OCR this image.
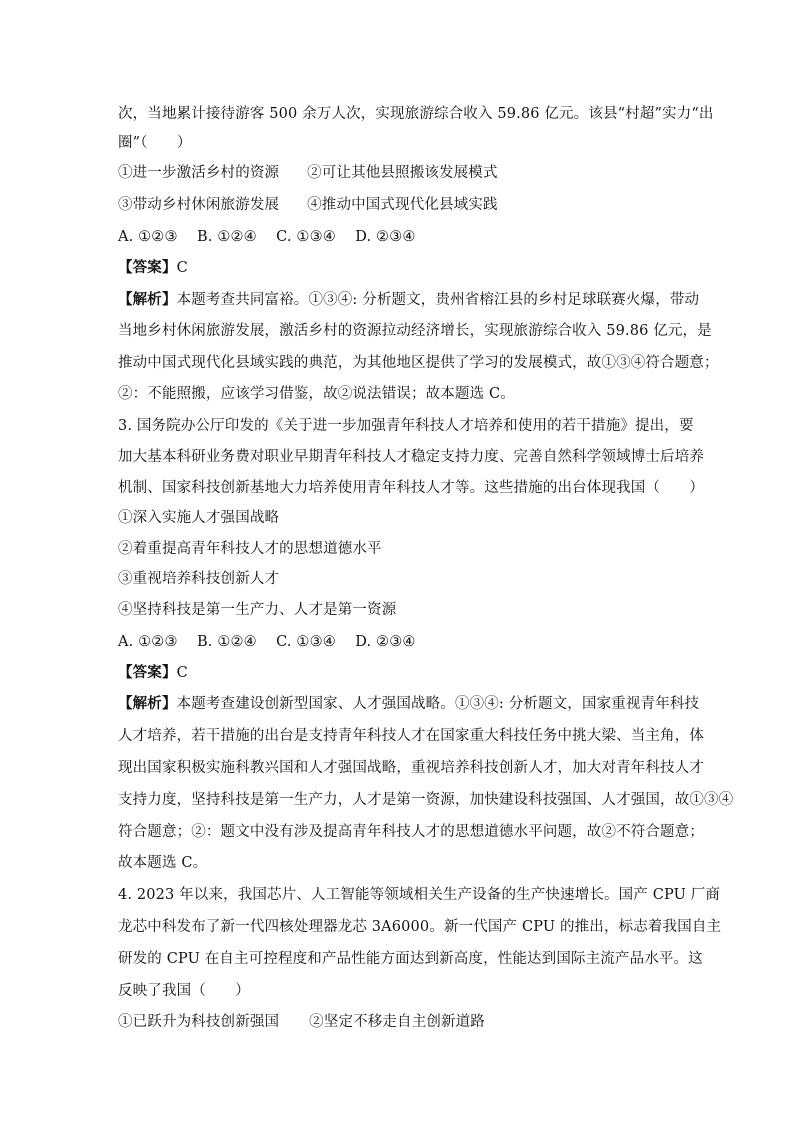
次，当地累计接待游客 500 余万人次，实现旅游综合收入 59.86 亿元。该县“村超”实力“出
圈”（　　）
①进一步激活乡村的资源 ②可让其他县照搬该发展模式
③带动乡村休闲旅游发展 ④推动中国式现代化县域实践
A. ①②③　 B. ①②④　 C. ①③④　 D. ②③④
【答案】C
【解析】本题考查共同富裕。①③④: 分析题文，贵州省榕江县的乡村足球联赛火爆，带动
当地乡村休闲旅游发展，激活乡村的资源拉动经济增长，实现旅游综合收入 59.86 亿元，是
推动中国式现代化县域实践的典范，为其他地区提供了学习的发展模式，故①③④符合题意；
②：不能照搬，应该学习借鉴，故②说法错误；故本题选 C。
3. 国务院办公厅印发的《关于进一步加强青年科技人才培养和使用的若干措施》提出，要
加大基本科研业务费对职业早期青年科技人才稳定支持力度、完善自然科学领域博士后培养
机制、国家科技创新基地大力培养使用青年科技人才等。这些措施的出台体现我国（　　）
①深入实施人才强国战略
②着重提高青年科技人才的思想道德水平
③重视培养科技创新人才
④坚持科技是第一生产力、人才是第一资源
A. ①②③　 B. ①②④　 C. ①③④　 D. ②③④
【答案】C
【解析】本题考查建设创新型国家、人才强国战略。①③④: 分析题文，国家重视青年科技
人才培养，若干措施的出台是支持青年科技人才在国家重大科技任务中挑大梁、当主角，体
现出国家积极实施科教兴国和人才强国战略，重视培养科技创新人才，加大对青年科技人才
支持力度，坚持科技是第一生产力，人才是第一资源，加快建设科技强国、人才强国，故①③④
符合题意；②：题文中没有涉及提高青年科技人才的思想道德水平问题，故②不符合题意；
故本题选 C。
4. 2023 年以来，我国芯片、人工智能等领域相关生产设备的生产快速增长。国产 CPU 厂商
龙芯中科发布了新一代四核处理器龙芯 3A6000。新一代国产 CPU 的推出，标志着我国自主
研发的 CPU 在自主可控程度和产品性能方面达到新高度，性能达到国际主流产品水平。这
反映了我国（　　）
①已跃升为科技创新强国 ②坚定不移走自主创新道路
